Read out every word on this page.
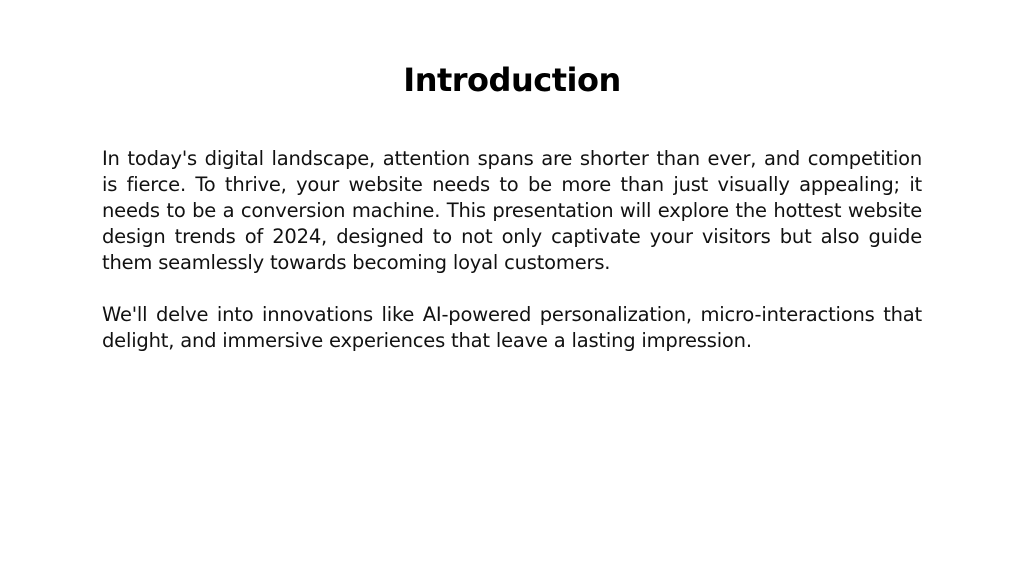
Introduction

In today's digital landscape, attention spans are shorter than ever, and competition is fierce. To thrive, your website needs to be more than just visually appealing; it needs to be a conversion machine. This presentation will explore the hottest website design trends of 2024, designed to not only captivate your visitors but also guide them seamlessly towards becoming loyal customers.

We'll delve into innovations like AI-powered personalization, micro-interactions that delight, and immersive experiences that leave a lasting impression.
